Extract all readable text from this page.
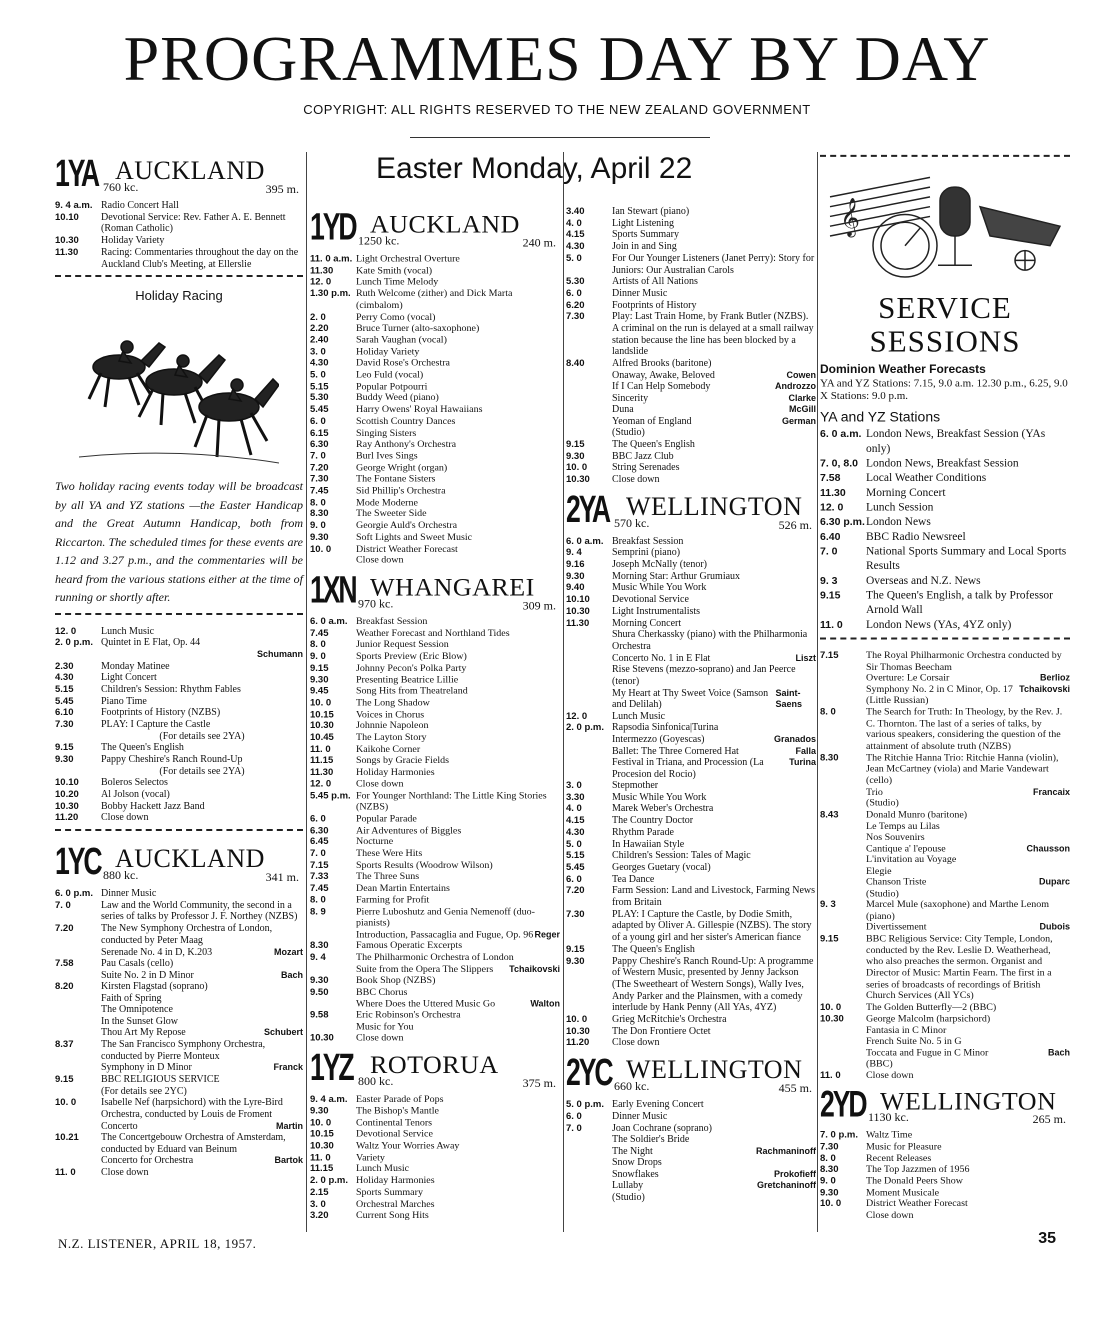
PROGRAMMES DAY BY DAY
COPYRIGHT: ALL RIGHTS RESERVED TO THE NEW ZEALAND GOVERNMENT
Easter Monday, April 22
1YA AUCKLAND
760 kc.	395 m.
9. 4 a.m. Radio Concert Hall
10.10	Devotional Service: Rev. Father A. E. Bennett (Roman Catholic)
10.30	Holiday Variety
11.30	Racing: Commentaries throughout the day on the Auckland Club's Meeting, at Ellerslie
Holiday Racing
Two holiday racing events today will be broadcast by all YA and YZ stations —the Easter Handicap and the Great Autumn Handicap, both from Riccarton. The scheduled times for these events are 1.12 and 3.27 p.m., and the commentaries will be heard from the various stations either at the time of running or shortly after.
12. 0	Lunch Music
2. 0 p.m. Quintet in E Flat, Op. 44
Schumann
2.30	Monday Matinee
4.30	Light Concert
5.15	Children's Session: Rhythm Fables
5.45	Piano Time
6.10	Footprints of History (NZBS)
7.30	PLAY: I Capture the Castle
(For details see 2YA)
9.15	The Queen's English
9.30	Pappy Cheshire's Ranch Round-Up
(For details see 2YA)
10.10	Boleros Selectos
10.20	Al Jolson (vocal)
10.30	Bobby Hackett Jazz Band
11.20	Close down
1YC AUCKLAND
880 kc.	341 m.
6. 0 p.m. Dinner Music
7. 0	Law and the World Community, the second in a series of talks by Professor J. F. Northey (NZBS)
7.20	The New Symphony Orchestra of London, conducted by Peter Maag
Serenade No. 4 in D, K.203	Mozart
7.58	Pau Casals (cello)
Suite No. 2 in D Minor	Bach
8.20	Kirsten Flagstad (soprano)
Faith of Spring
The Omnipotence
In the Sunset Glow
Thou Art My Repose	Schubert
8.37	The San Francisco Symphony Orchestra, conducted by Pierre Monteux
Symphony in D Minor	Franck
9.15	BBC RELIGIOUS SERVICE
(For details see 2YC)
10. 0	Isabelle Nef (harpsichord) with the Lyre-Bird Orchestra, conducted by Louis de Froment
Concerto	Martin
10.21	The Concertgebouw Orchestra of Amsterdam, conducted by Eduard van Beinum
Concerto for Orchestra	Bartok
11. 0	Close down
1YD AUCKLAND
1250 kc.	240 m.
11. 0 a.m. Light Orchestral Overture
11.30	Kate Smith (vocal)
12. 0	Lunch Time Melody
1.30 p.m. Ruth Welcome (zither) and Dick Marta (cimbalom)
2. 0	Perry Como (vocal)
2.20	Bruce Turner (alto-saxophone)
2.40	Sarah Vaughan (vocal)
3. 0	Holiday Variety
4.30	David Rose's Orchestra
5. 0	Leo Fuld (vocal)
5.15	Popular Potpourri
5.30	Buddy Weed (piano)
5.45	Harry Owens' Royal Hawaiians
6. 0	Scottish Country Dances
6.15	Singing Sisters
6.30	Ray Anthony's Orchestra
7. 0	Burl Ives Sings
7.20	George Wright (organ)
7.30	The Fontane Sisters
7.45	Sid Phillip's Orchestra
8. 0	Mode Moderne
8.30	The Sweeter Side
9. 0	Georgie Auld's Orchestra
9.30	Soft Lights and Sweet Music
10. 0	District Weather Forecast
Close down
1XN WHANGAREI
970 kc.	309 m.
6. 0 a.m. Breakfast Session
7.45	Weather Forecast and Northland Tides
8. 0	Junior Request Session
9. 0	Sports Preview (Eric Blow)
9.15	Johnny Pecon's Polka Party
9.30	Presenting Beatrice Lillie
9.45	Song Hits from Theatreland
10. 0	The Long Shadow
10.15	Voices in Chorus
10.30	Johnnie Napoleon
10.45	The Layton Story
11. 0	Kaikohe Corner
11.15	Songs by Gracie Fields
11.30	Holiday Harmonies
12. 0	Close down
5.45 p.m. For Younger Northland: The Little King Stories (NZBS)
6. 0	Popular Parade
6.30	Air Adventures of Biggles
6.45	Nocturne
7. 0	These Were Hits
7.15	Sports Results (Woodrow Wilson)
7.33	The Three Suns
7.45	Dean Martin Entertains
8. 0	Farming for Profit
8. 9	Pierre Luboshutz and Genia Nemenoff (duo-pianists)
Introduction, Passacaglia and Fugue, Op. 96 Reger
8.30	Famous Operatic Excerpts
9. 4	The Philharmonic Orchestra of London
Suite from the Opera The Slippers Tchaikovski
9.30	Book Shop (NZBS)
9.50	BBC Chorus
Where Does the Uttered Music Go	Walton
9.58	Eric Robinson's Orchestra
Music for You
10.30	Close down
1YZ ROTORUA
800 kc.	375 m.
9. 4 a.m. Easter Parade of Pops
9.30	The Bishop's Mantle
10. 0	Continental Tenors
10.15	Devotional Service
10.30	Waltz Your Worries Away
11. 0	Variety
11.15	Lunch Music
2. 0 p.m. Holiday Harmonies
2.15	Sports Summary
3. 0	Orchestral Marches
3.20	Current Song Hits
3.40	Ian Stewart (piano)
4. 0	Light Listening
4.15	Sports Summary
4.30	Join in and Sing
5. 0	For Our Younger Listeners (Janet Perry): Story for Juniors: Our Australian Carols
5.30	Artists of All Nations
6. 0	Dinner Music
6.20	Footprints of History
7.30	Play: Last Train Home, by Frank Butler (NZBS). A criminal on the run is delayed at a small railway station because the line has been blocked by a landslide
8.40	Alfred Brooks (baritone)
Onaway, Awake, Beloved	Cowen
If I Can Help Somebody	Androzzo
Sincerity	Clarke
Duna	McGill
Yeoman of England	German
(Studio)
9.15	The Queen's English
9.30	BBC Jazz Club
10. 0	String Serenades
10.30	Close down
2YA WELLINGTON
570 kc.	526 m.
6. 0 a.m. Breakfast Session
9. 4	Semprini (piano)
9.16	Joseph McNally (tenor)
9.30	Morning Star: Arthur Grumiaux
9.40	Music While You Work
10.10	Devotional Service
10.30	Light Instrumentalists
11.30	Morning Concert
Shura Cherkassky (piano) with the Philharmonia Orchestra
Concerto No. 1 in E Flat	Liszt
Rise Stevens (mezzo-soprano) and Jan Peerce (tenor)
My Heart at Thy Sweet Voice (Samson and Delilah)
Saint-Saens
12. 0	Lunch Music
2. 0 p.m. Rapsodia Sinfonica|Turina
Intermezzo (Goyescas)	Granados
Ballet: The Three Cornered Hat	Falla
Festival in Triana, and Procession (La Procesion del Rocio)
Turina
3. 0	Stepmother
3.30	Music While You Work
4. 0	Marek Weber's Orchestra
4.15	The Country Doctor
4.30	Rhythm Parade
5. 0	In Hawaiian Style
5.15	Children's Session: Tales of Magic
5.45	Georges Guetary (vocal)
6. 0	Tea Dance
7.20	Farm Session: Land and Livestock, Farming News from Britain
7.30	PLAY: I Capture the Castle, by Dodie Smith, adapted by Oliver A. Gillespie (NZBS). The story of a young girl and her sister's American fiance
9.15	The Queen's English
9.30	Pappy Cheshire's Ranch Round-Up: A programme of Western Music, presented by Jenny Jackson (The Sweetheart of Western Songs), Wally Ives, Andy Parker and the Plainsmen, with a comedy interlude by Hank Penny (All YAs, 4YZ)
10. 0	Grieg McRitchie's Orchestra
10.30	The Don Frontiere Octet
11.20	Close down
2YC WELLINGTON
660 kc.	455 m.
5. 0 p.m. Early Evening Concert
6. 0	Dinner Music
7. 0	Joan Cochrane (soprano)
The Soldier's Bride
The Night	Rachmaninoff
Snow Drops
Snowflakes	Prokofieff
Lullaby	Gretchaninoff
(Studio)
𝄞
SERVICE SESSIONS
Dominion Weather Forecasts
YA and YZ Stations: 7.15, 9.0 a.m. 12.30 p.m., 6.25, 9.0
X Stations: 9.0 p.m.
YA and YZ Stations
6. 0 a.m. London News, Breakfast Session (YAs only)
7. 0, 8.0 London News, Breakfast Session
7.58	Local Weather Conditions
11.30	Morning Concert
12. 0	Lunch Session
6.30 p.m. London News
6.40	BBC Radio Newsreel
7. 0	National Sports Summary and Local Sports Results
9. 3	Overseas and N.Z. News
9.15	The Queen's English, a talk by Professor Arnold Wall
11. 0	London News (YAs, 4YZ only)
7.15	The Royal Philharmonic Orchestra conducted by Sir Thomas Beecham
Overture: Le Corsair	Berlioz
Symphony No. 2 in C Minor, Op. 17 (Little Russian)
Tchaikovski
8. 0	The Search for Truth: In Theology, by the Rev. J. C. Thornton. The last of a series of talks, by various speakers, considering the question of the attainment of absolute truth (NZBS)
8.30	The Ritchie Hanna Trio: Ritchie Hanna (violin), Jean McCartney (viola) and Marie Vandewart (cello)
Trio	Francaix
(Studio)
8.43	Donald Munro (baritone)
Le Temps au Lilas
Nos Souvenirs
Cantique a' l'epouse	Chausson
L'invitation au Voyage
Elegie
Chanson Triste	Duparc
(Studio)
9. 3	Marcel Mule (saxophone) and Marthe Lenom (piano)
Divertissement	Dubois
9.15	BBC Religious Service: City Temple, London, conducted by the Rev. Leslie D. Weatherhead, who also preaches the sermon. Organist and Director of Music: Martin Fearn. The first in a series of broadcasts of recordings of British Church Services (All YCs)
10. 0	The Golden Butterfly—2 (BBC)
10.30	George Malcolm (harpsichord)
Fantasia in C Minor
French Suite No. 5 in G
Toccata and Fugue in C Minor	Bach
(BBC)
11. 0	Close down
2YD WELLINGTON
1130 kc.	265 m.
7. 0 p.m. Waltz Time
7.30	Music for Pleasure
8. 0	Recent Releases
8.30	The Top Jazzmen of 1956
9. 0	The Donald Peers Show
9.30	Moment Musicale
10. 0	District Weather Forecast
Close down
N.Z. LISTENER, APRIL 18, 1957.	35
